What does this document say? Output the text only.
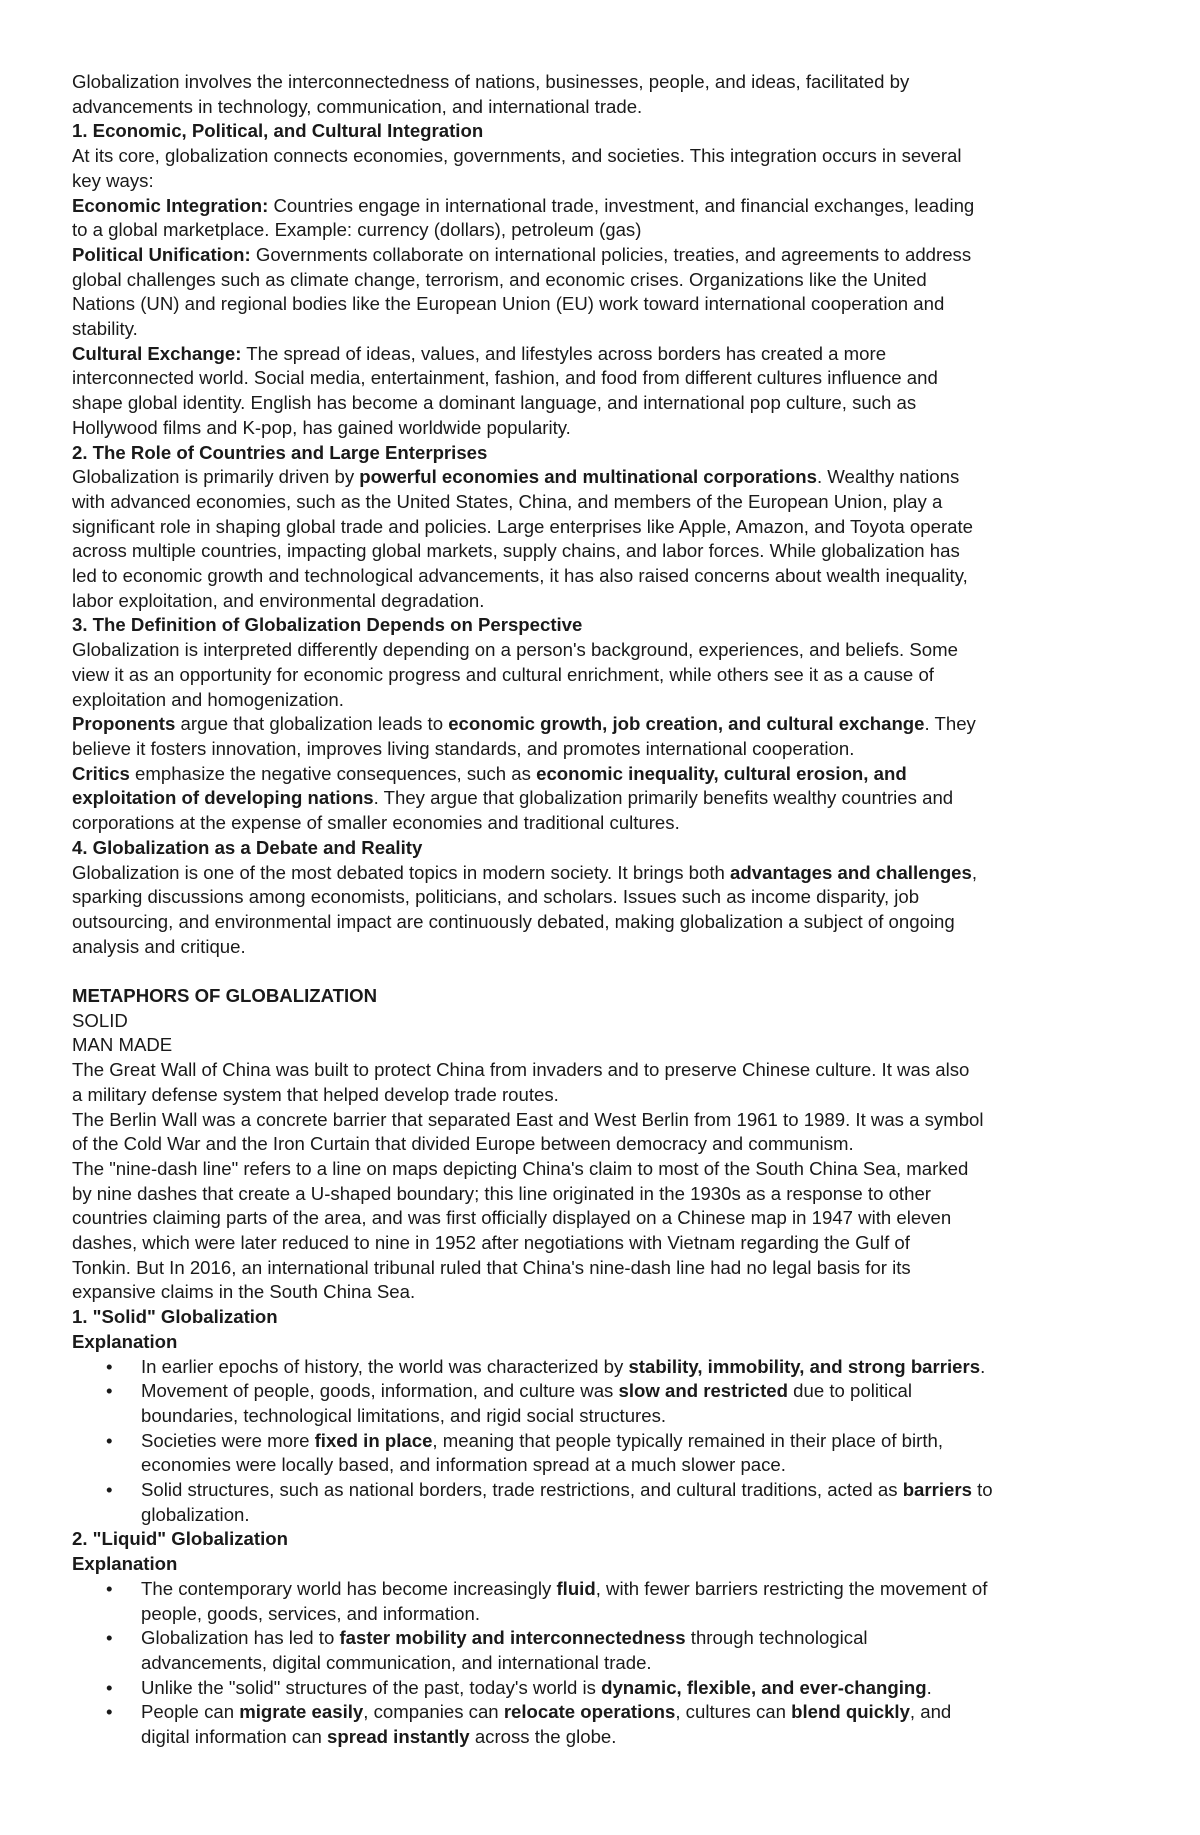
Globalization involves the interconnectedness of nations, businesses, people, and ideas, facilitated by
advancements in technology, communication, and international trade.
1. Economic, Political, and Cultural Integration
At its core, globalization connects economies, governments, and societies. This integration occurs in several
key ways:
Economic Integration: Countries engage in international trade, investment, and financial exchanges, leading
to a global marketplace. Example: currency (dollars), petroleum (gas)
Political Unification: Governments collaborate on international policies, treaties, and agreements to address
global challenges such as climate change, terrorism, and economic crises. Organizations like the United
Nations (UN) and regional bodies like the European Union (EU) work toward international cooperation and
stability.
Cultural Exchange: The spread of ideas, values, and lifestyles across borders has created a more
interconnected world. Social media, entertainment, fashion, and food from different cultures influence and
shape global identity. English has become a dominant language, and international pop culture, such as
Hollywood films and K-pop, has gained worldwide popularity.
2. The Role of Countries and Large Enterprises
Globalization is primarily driven by powerful economies and multinational corporations. Wealthy nations
with advanced economies, such as the United States, China, and members of the European Union, play a
significant role in shaping global trade and policies. Large enterprises like Apple, Amazon, and Toyota operate
across multiple countries, impacting global markets, supply chains, and labor forces. While globalization has
led to economic growth and technological advancements, it has also raised concerns about wealth inequality,
labor exploitation, and environmental degradation.
3. The Definition of Globalization Depends on Perspective
Globalization is interpreted differently depending on a person's background, experiences, and beliefs. Some
view it as an opportunity for economic progress and cultural enrichment, while others see it as a cause of
exploitation and homogenization.
Proponents argue that globalization leads to economic growth, job creation, and cultural exchange. They
believe it fosters innovation, improves living standards, and promotes international cooperation.
Critics emphasize the negative consequences, such as economic inequality, cultural erosion, and
exploitation of developing nations. They argue that globalization primarily benefits wealthy countries and
corporations at the expense of smaller economies and traditional cultures.
4. Globalization as a Debate and Reality
Globalization is one of the most debated topics in modern society. It brings both advantages and challenges,
sparking discussions among economists, politicians, and scholars. Issues such as income disparity, job
outsourcing, and environmental impact are continuously debated, making globalization a subject of ongoing
analysis and critique.
METAPHORS OF GLOBALIZATION
SOLID
MAN MADE
The Great Wall of China was built to protect China from invaders and to preserve Chinese culture. It was also
a military defense system that helped develop trade routes.
The Berlin Wall was a concrete barrier that separated East and West Berlin from 1961 to 1989. It was a symbol
of the Cold War and the Iron Curtain that divided Europe between democracy and communism.
The "nine-dash line" refers to a line on maps depicting China's claim to most of the South China Sea, marked
by nine dashes that create a U-shaped boundary; this line originated in the 1930s as a response to other
countries claiming parts of the area, and was first officially displayed on a Chinese map in 1947 with eleven
dashes, which were later reduced to nine in 1952 after negotiations with Vietnam regarding the Gulf of
Tonkin. But In 2016, an international tribunal ruled that China's nine-dash line had no legal basis for its
expansive claims in the South China Sea.
1. "Solid" Globalization
Explanation
• In earlier epochs of history, the world was characterized by stability, immobility, and strong barriers.
• Movement of people, goods, information, and culture was slow and restricted due to political
boundaries, technological limitations, and rigid social structures.
• Societies were more fixed in place, meaning that people typically remained in their place of birth,
economies were locally based, and information spread at a much slower pace.
• Solid structures, such as national borders, trade restrictions, and cultural traditions, acted as barriers to
globalization.
2. "Liquid" Globalization
Explanation
• The contemporary world has become increasingly fluid, with fewer barriers restricting the movement of
people, goods, services, and information.
• Globalization has led to faster mobility and interconnectedness through technological
advancements, digital communication, and international trade.
• Unlike the "solid" structures of the past, today's world is dynamic, flexible, and ever-changing.
• People can migrate easily, companies can relocate operations, cultures can blend quickly, and
digital information can spread instantly across the globe.
